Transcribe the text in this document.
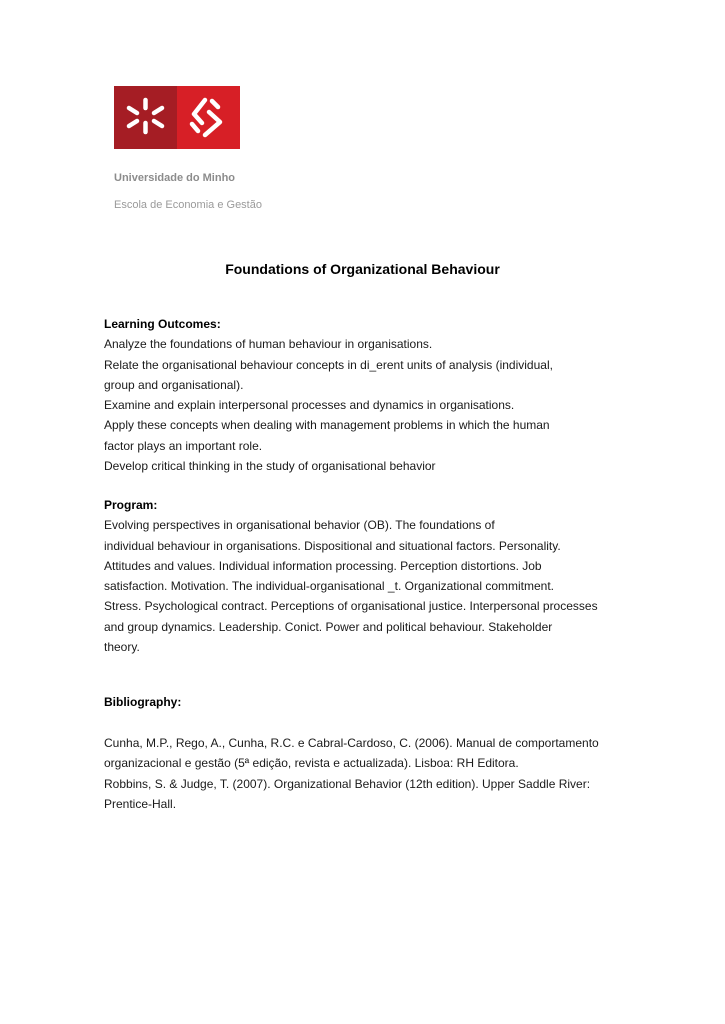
Universidade do Minho
Escola de Economia e Gestão
Foundations of Organizational Behaviour
Learning Outcomes:
Analyze the foundations of human behaviour in organisations.
Relate the organisational behaviour concepts in di_erent units of analysis (individual,
group and organisational).
Examine and explain interpersonal processes and dynamics in organisations.
Apply these concepts when dealing with management problems in which the human
factor plays an important role.
Develop critical thinking in the study of organisational behavior
Program:
Evolving perspectives in organisational behavior (OB). The foundations of
individual behaviour in organisations. Dispositional and situational factors. Personality.
Attitudes and values. Individual information processing. Perception distortions. Job
satisfaction. Motivation. The individual-organisational _t. Organizational commitment.
Stress. Psychological contract. Perceptions of organisational justice. Interpersonal processes
and group dynamics. Leadership. Conict. Power and political behaviour. Stakeholder
theory.
Bibliography:
Cunha, M.P., Rego, A., Cunha, R.C. e Cabral-Cardoso, C. (2006). Manual de comportamento
organizacional e gestão (5ª edição, revista e actualizada). Lisboa: RH Editora.
Robbins, S. & Judge, T. (2007). Organizational Behavior (12th edition). Upper Saddle River:
Prentice-Hall.
